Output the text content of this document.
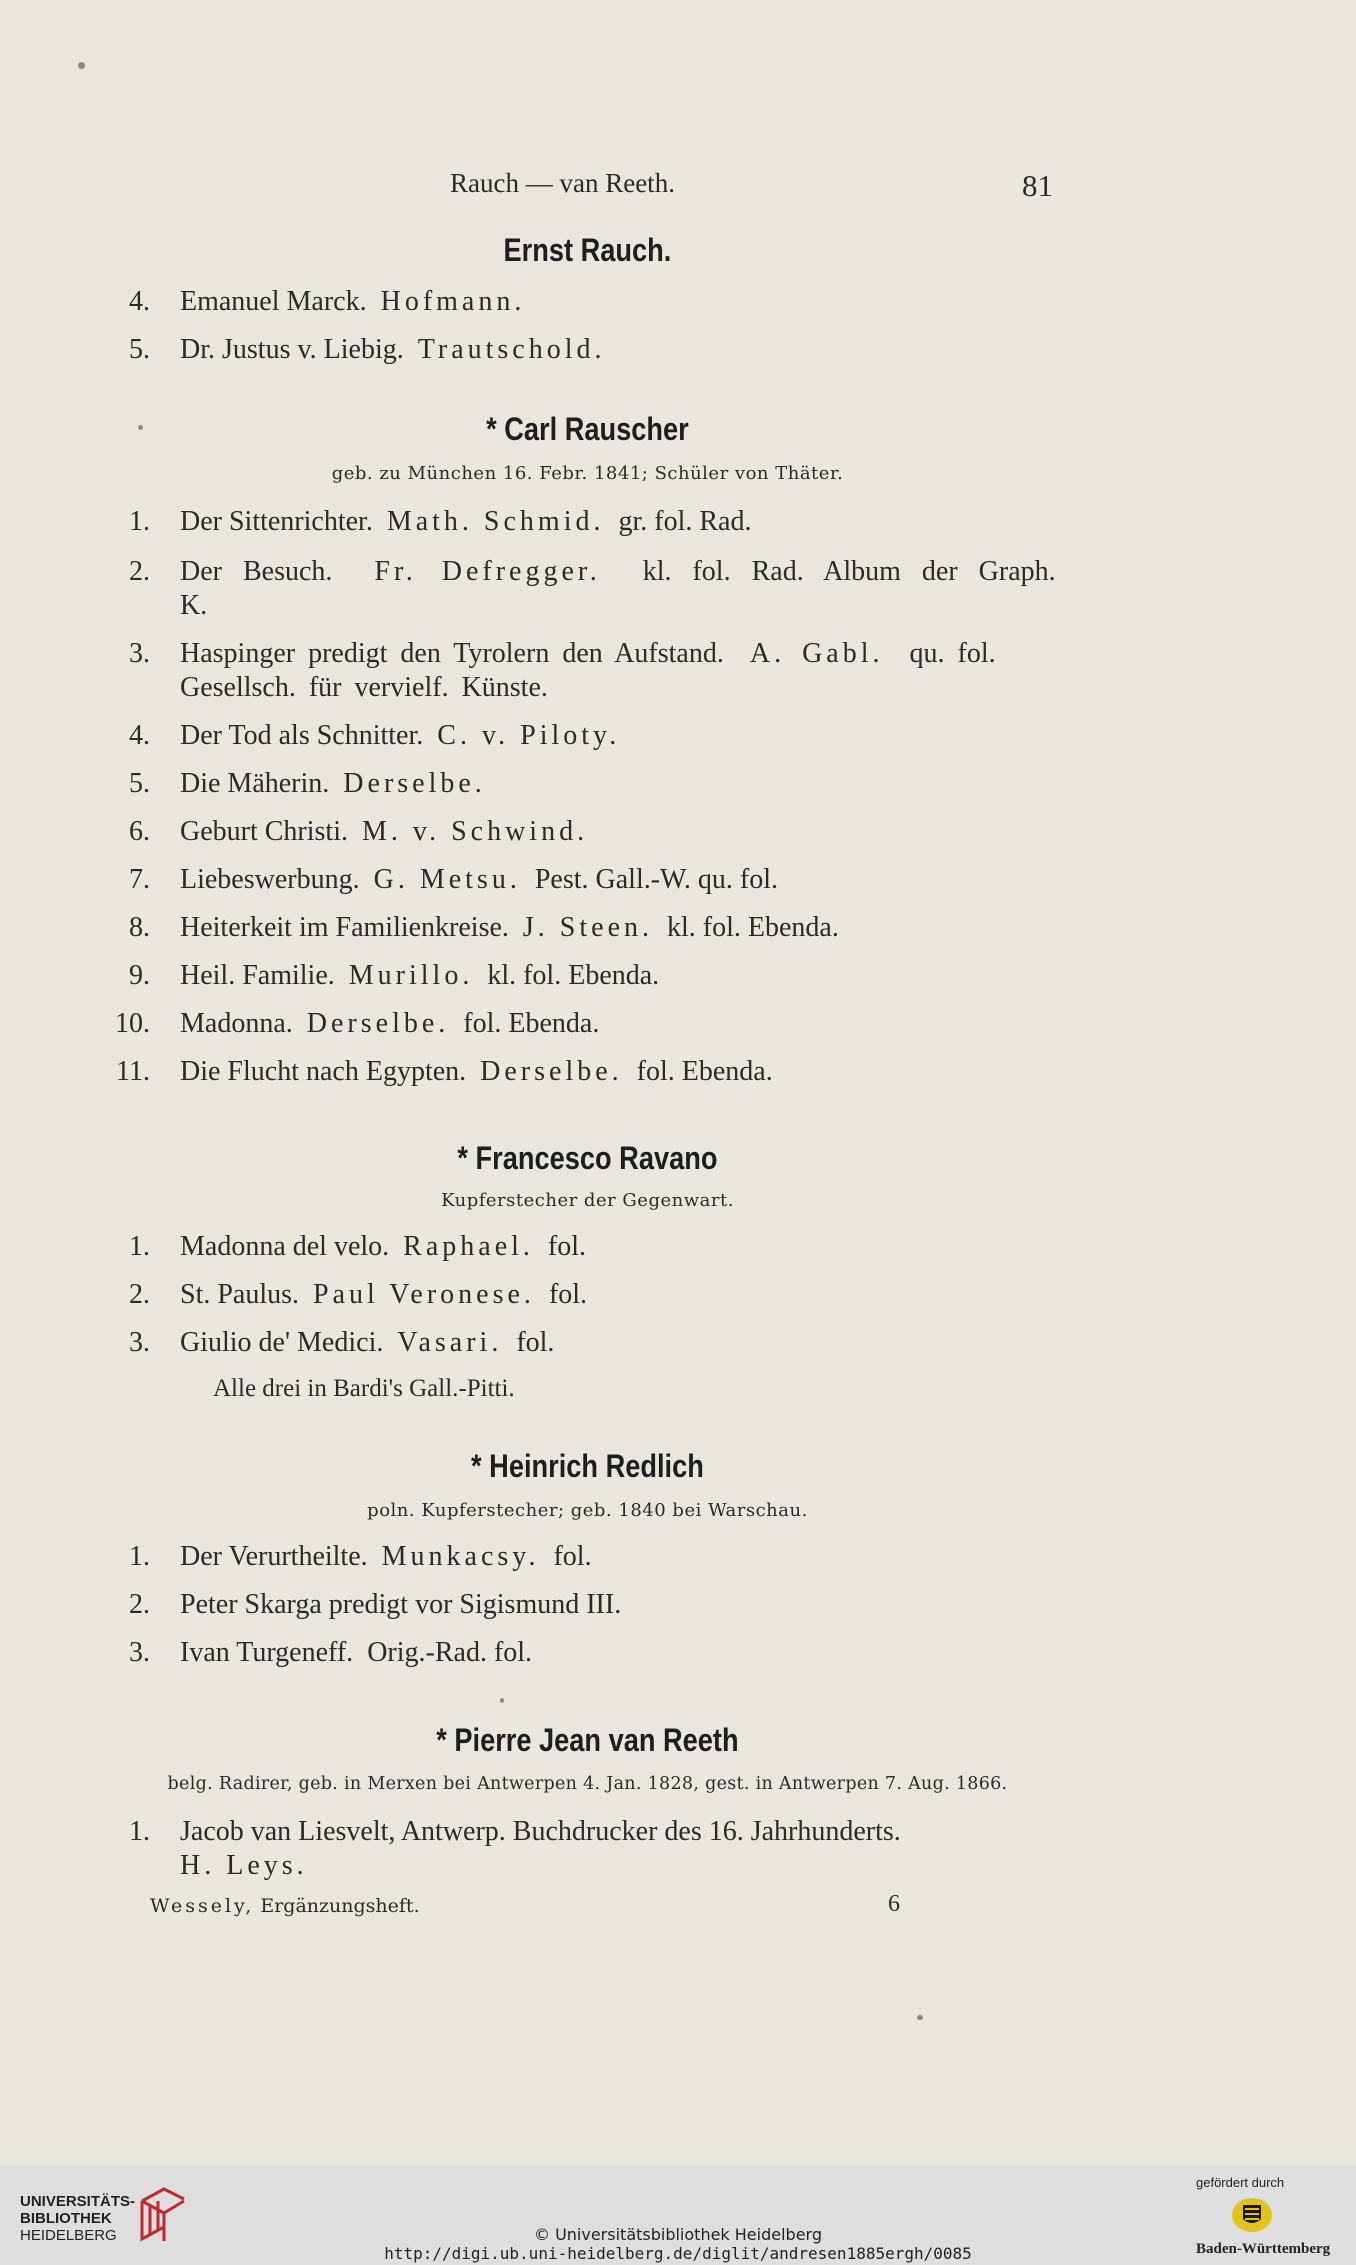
Rauch — van Reeth.	81
Ernst Rauch.
4. Emanuel Marck. Hofmann.
5. Dr. Justus v. Liebig. Trautschold.
* Carl Rauscher
geb. zu München 16. Febr. 1841; Schüler von Thäter.
1. Der Sittenrichter. Math. Schmid. gr. fol. Rad.
2. Der Besuch. Fr. Defregger. kl. fol. Rad. Album der Graph. K.
3. Haspinger predigt den Tyrolern den Aufstand. A. Gabl. qu. fol. Gesellsch. für vervielf. Künste.
4. Der Tod als Schnitter. C. v. Piloty.
5. Die Mäherin. Derselbe.
6. Geburt Christi. M. v. Schwind.
7. Liebeswerbung. G. Metsu. Pest. Gall.-W. qu. fol.
8. Heiterkeit im Familienkreise. J. Steen. kl. fol. Ebenda.
9. Heil. Familie. Murillo. kl. fol. Ebenda.
10. Madonna. Derselbe. fol. Ebenda.
11. Die Flucht nach Egypten. Derselbe. fol. Ebenda.
* Francesco Ravano
Kupferstecher der Gegenwart.
1. Madonna del velo. Raphael. fol.
2. St. Paulus. Paul Veronese. fol.
3. Giulio de' Medici. Vasari. fol.
Alle drei in Bardi's Gall.-Pitti.
* Heinrich Redlich
poln. Kupferstecher; geb. 1840 bei Warschau.
1. Der Verurtheilte. Munkacsy. fol.
2. Peter Skarga predigt vor Sigismund III.
3. Ivan Turgeneff. Orig.-Rad. fol.
* Pierre Jean van Reeth
belg. Radirer, geb. in Merxen bei Antwerpen 4. Jan. 1828, gest. in Antwerpen 7. Aug. 1866.
1. Jacob van Liesvelt, Antwerp. Buchdrucker des 16. Jahrhunderts.
H. Leys.
Wessely, Ergänzungsheft.	6
UNIVERSITÄTS-
BIBLIOTHEK
HEIDELBERG	© Universitätsbibliothek Heidelberg
http://digi.ub.uni-heidelberg.de/diglit/andresen1885ergh/0085
gefördert durch
Baden-Württemberg
